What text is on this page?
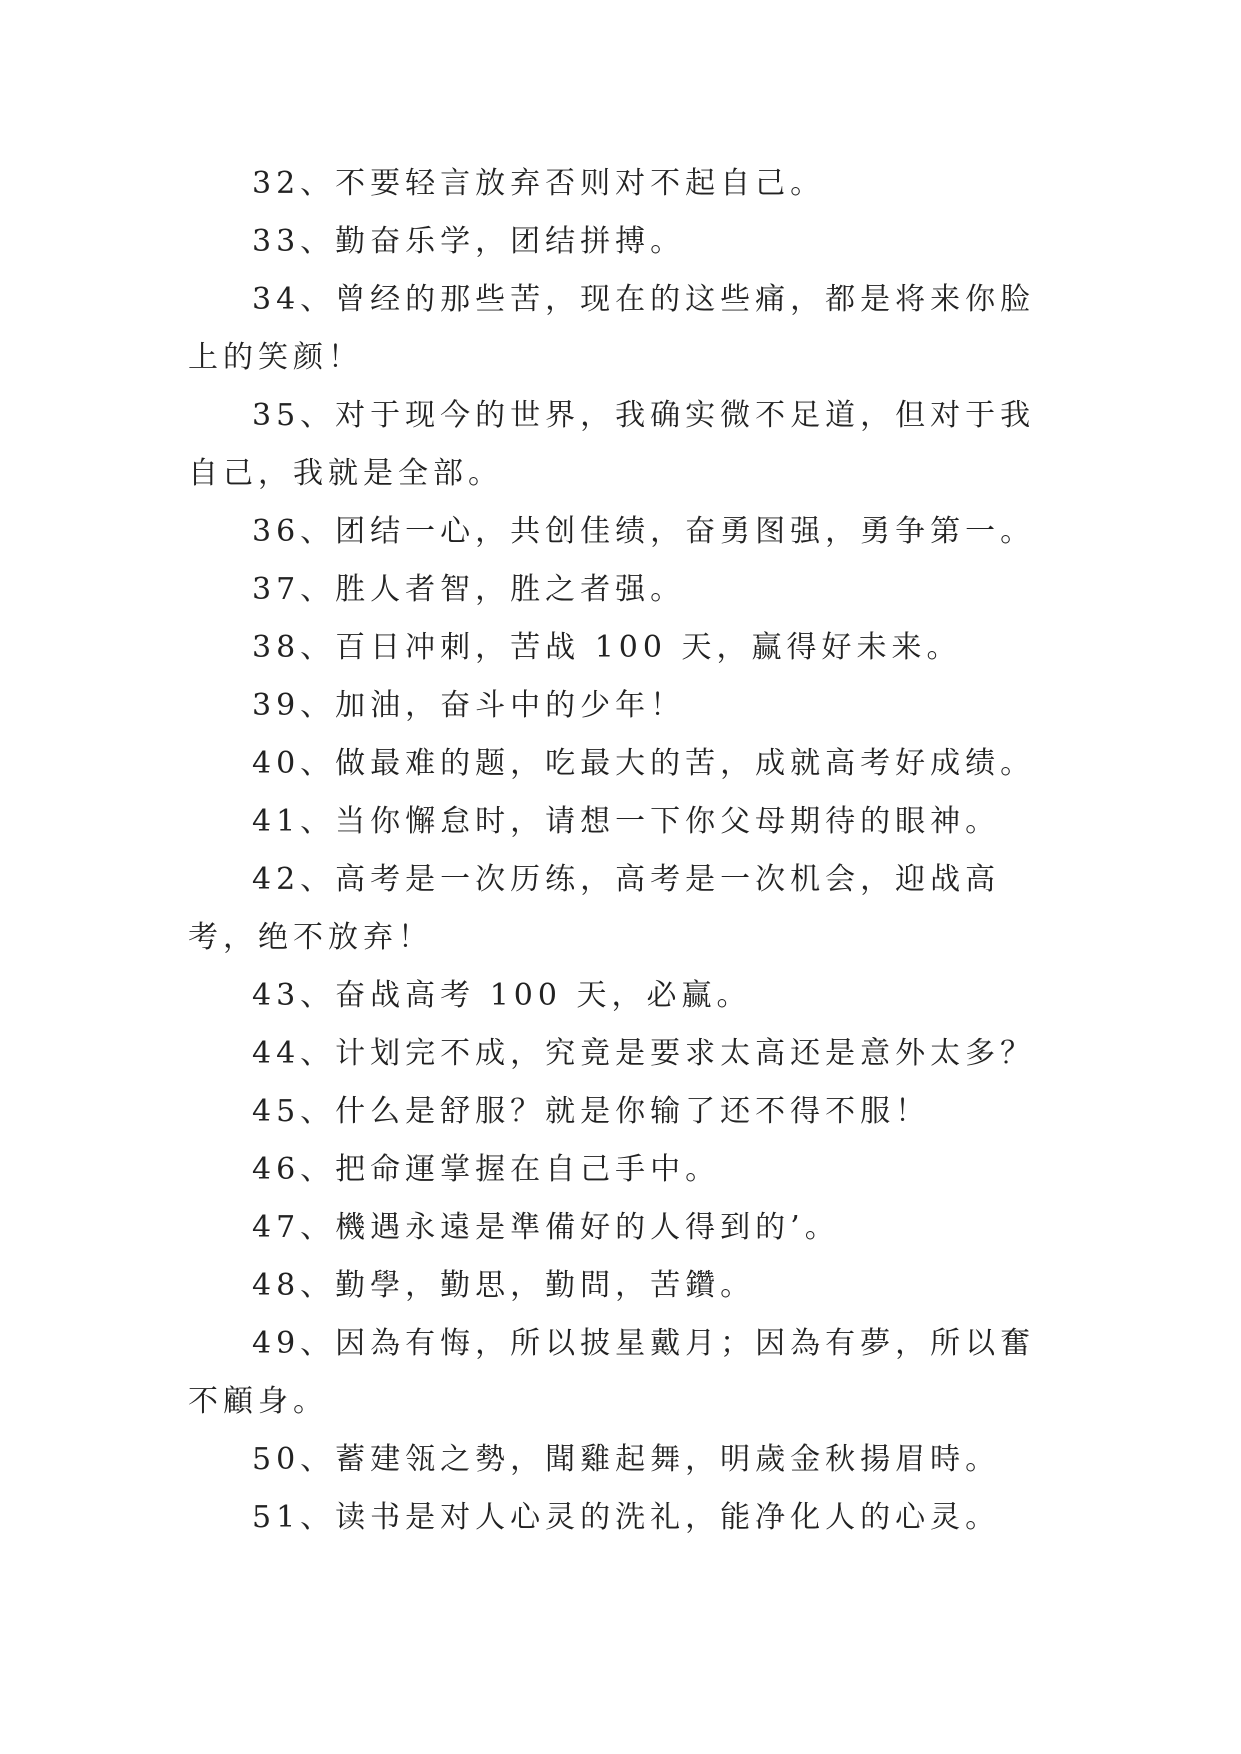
32、不要轻言放弃否则对不起自己。

33、勤奋乐学，团结拼搏。

34、曾经的那些苦，现在的这些痛，都是将来你脸上的笑颜！

35、对于现今的世界，我确实微不足道，但对于我自己，我就是全部。

36、团结一心，共创佳绩，奋勇图强，勇争第一。

37、胜人者智，胜之者强。

38、百日冲刺，苦战 100 天，赢得好未来。

39、加油，奋斗中的少年！

40、做最难的题，吃最大的苦，成就高考好成绩。

41、当你懈怠时，请想一下你父母期待的眼神。

42、高考是一次历练，高考是一次机会，迎战高考，绝不放弃！

43、奋战高考 100 天，必赢。

44、计划完不成，究竟是要求太高还是意外太多？

45、什么是舒服？就是你输了还不得不服！

46、把命運掌握在自己手中。

47、機遇永遠是準備好的人得到的’。

48、勤學，勤思，勤問，苦鑽。

49、因為有悔，所以披星戴月；因為有夢，所以奮不顧身。

50、蓄建瓴之勢，聞雞起舞，明歲金秋揚眉時。

51、读书是对人心灵的洗礼，能净化人的心灵。
